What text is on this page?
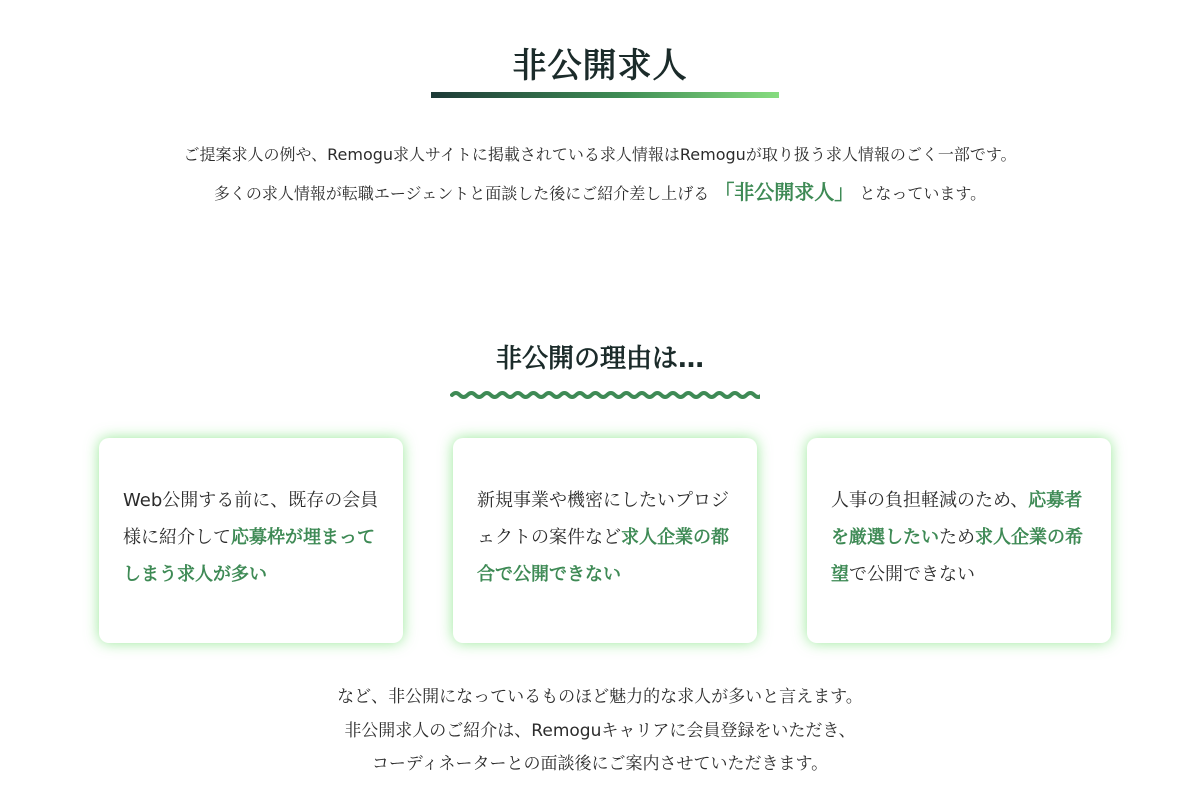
非公開求人

ご提案求人の例や、Remogu求人サイトに掲載されている求人情報はRemoguが取り扱う求人情報のごく一部です。

多くの求人情報が転職エージェントと面談した後にご紹介差し上げる 「非公開求人」 となっています。

非公開の理由は…

Web公開する前に、既存の会員様に紹介して応募枠が埋まってしまう求人が多い

新規事業や機密にしたいプロジェクトの案件など求人企業の都合で公開できない

人事の負担軽減のため、応募者を厳選したいため求人企業の希望で公開できない

など、非公開になっているものほど魅力的な求人が多いと言えます。

非公開求人のご紹介は、Remoguキャリアに会員登録をいただき、

コーディネーターとの面談後にご案内させていただきます。
